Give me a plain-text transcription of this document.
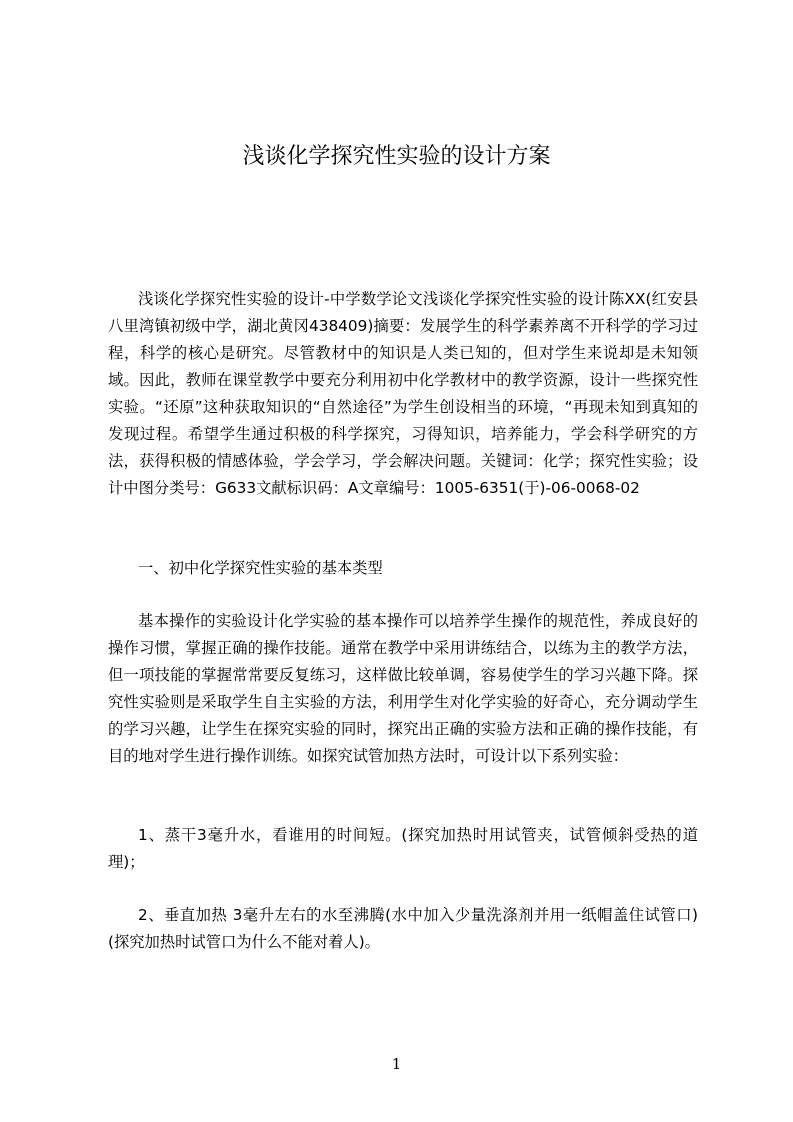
浅谈化学探究性实验的设计方案

浅谈化学探究性实验的设计-中学数学论文浅谈化学探究性实验的设计陈XX(红安县八里湾镇初级中学，湖北黄冈438409)摘要：发展学生的科学素养离不开科学的学习过程，科学的核心是研究。尽管教材中的知识是人类已知的，但对学生来说却是未知领域。因此，教师在课堂教学中要充分利用初中化学教材中的教学资源，设计一些探究性实验。“还原”这种获取知识的“自然途径”为学生创设相当的环境，“再现未知到真知的发现过程。希望学生通过积极的科学探究，习得知识，培养能力，学会科学研究的方法，获得积极的情感体验，学会学习，学会解决问题。关键词：化学；探究性实验；设计中图分类号：G633文献标识码：A文章编号：1005-6351(于)-06-0068-02

一、初中化学探究性实验的基本类型

基本操作的实验设计化学实验的基本操作可以培养学生操作的规范性，养成良好的操作习惯，掌握正确的操作技能。通常在教学中采用讲练结合，以练为主的教学方法，但一项技能的掌握常常要反复练习，这样做比较单调，容易使学生的学习兴趣下降。探究性实验则是采取学生自主实验的方法，利用学生对化学实验的好奇心，充分调动学生的学习兴趣，让学生在探究实验的同时，探究出正确的实验方法和正确的操作技能，有目的地对学生进行操作训练。如探究试管加热方法时，可设计以下系列实验：

1、蒸干3毫升水，看谁用的时间短。(探究加热时用试管夹，试管倾斜受热的道理)；

2、垂直加热 3毫升左右的水至沸腾(水中加入少量洗涤剂并用一纸帽盖住试管口)(探究加热时试管口为什么不能对着人)。

1
